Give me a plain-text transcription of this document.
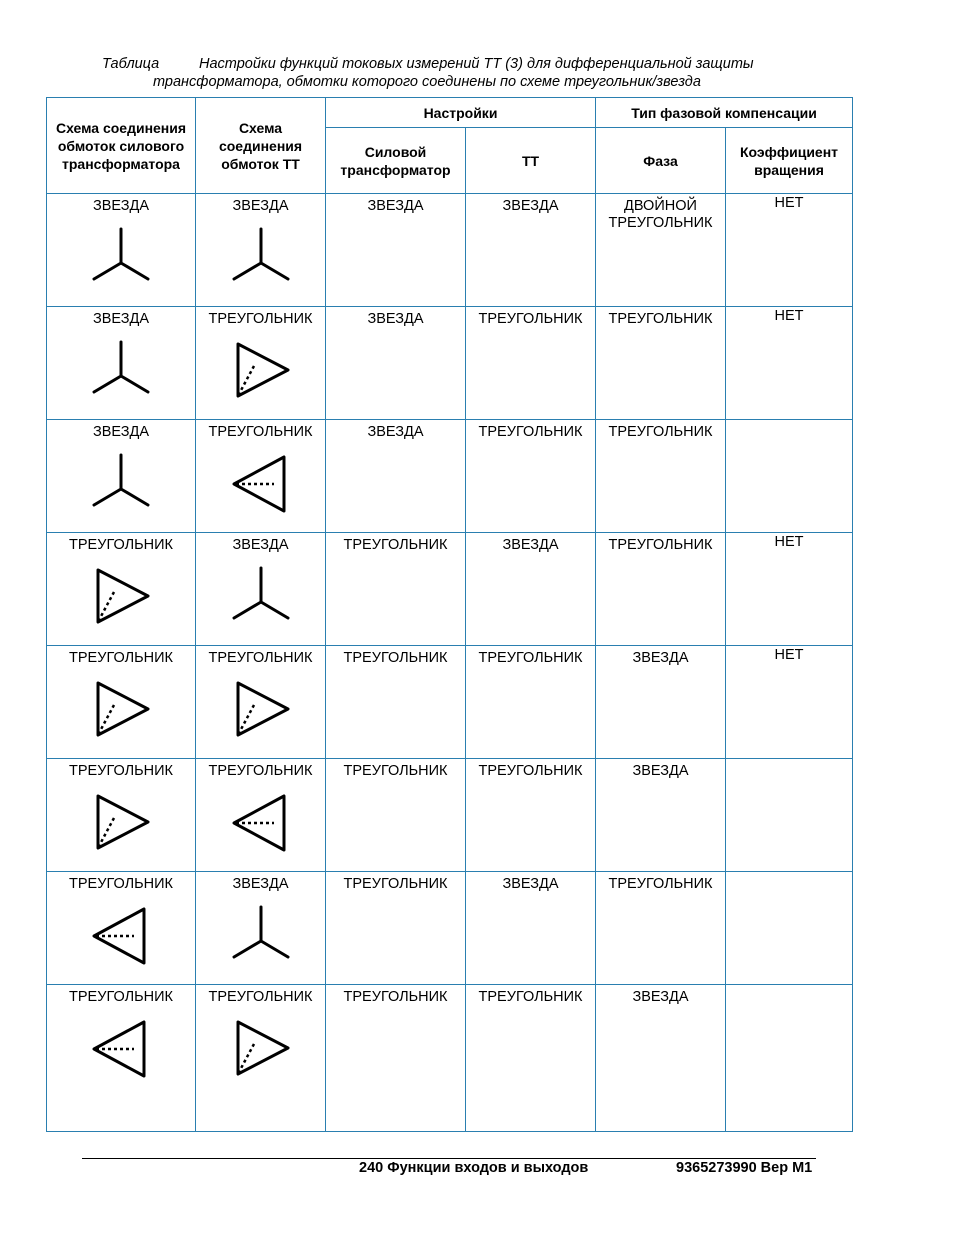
Таблица	Настройки функций токовых измерений ТТ (3) для дифференциальной защиты
трансформатора, обмотки которого соединены по схеме треугольник/звезда
Схема соединения обмоток силового трансформатора	Схема соединения обмоток ТТ	Настройки		Тип фазовой компенсации	
		Силовой трансформатор	ТТ	Фаза	Коэффициент вращения

ЗВЕЗДА	ЗВЕЗДА	ЗВЕЗДА	ЗВЕЗДА	ДВОЙНОЙ ТРЕУГОЛЬНИК	НЕТ

ЗВЕЗДА	ТРЕУГОЛЬНИК	ЗВЕЗДА	ТРЕУГОЛЬНИК	ТРЕУГОЛЬНИК	НЕТ

ЗВЕЗДА	ТРЕУГОЛЬНИК	ЗВЕЗДА	ТРЕУГОЛЬНИК	ТРЕУГОЛЬНИК	

ТРЕУГОЛЬНИК	ЗВЕЗДА	ТРЕУГОЛЬНИК	ЗВЕЗДА	ТРЕУГОЛЬНИК	НЕТ

ТРЕУГОЛЬНИК	ТРЕУГОЛЬНИК	ТРЕУГОЛЬНИК	ТРЕУГОЛЬНИК	ЗВЕЗДА	НЕТ

ТРЕУГОЛЬНИК	ТРЕУГОЛЬНИК	ТРЕУГОЛЬНИК	ТРЕУГОЛЬНИК	ЗВЕЗДА	

ТРЕУГОЛЬНИК	ЗВЕЗДА	ТРЕУГОЛЬНИК	ЗВЕЗДА	ТРЕУГОЛЬНИК	

ТРЕУГОЛЬНИК	ТРЕУГОЛЬНИК	ТРЕУГОЛЬНИК	ТРЕУГОЛЬНИК	ЗВЕЗДА	

240 Функции входов и выходов	9365273990 Вер M1
